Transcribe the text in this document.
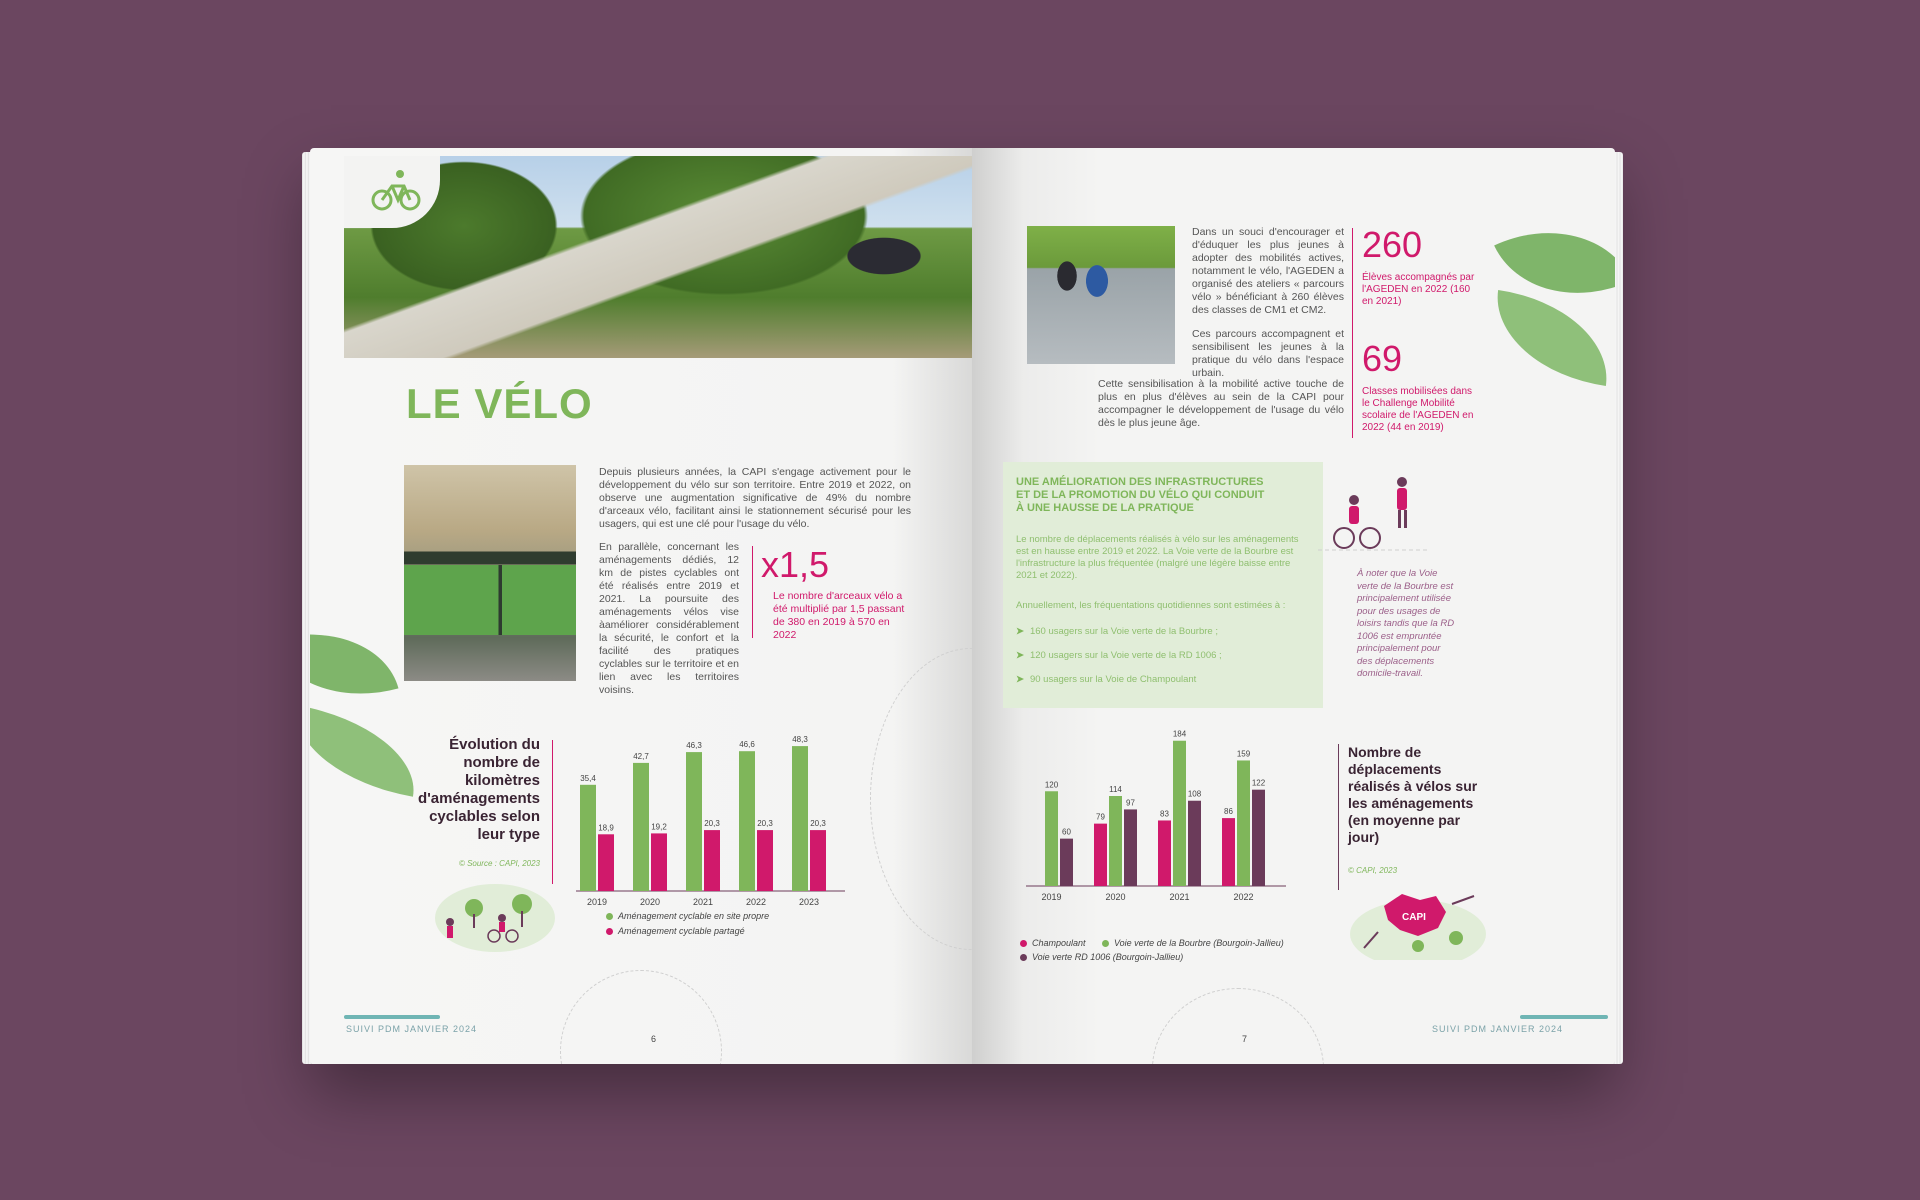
LE VÉLO
Depuis plusieurs années, la CAPI s'engage activement pour le développement du vélo sur son territoire. Entre 2019 et 2022, on observe une augmentation significative de 49% du nombre d'arceaux vélo, facilitant ainsi le stationnement sécurisé pour les usagers, qui est une clé pour l'usage du vélo.
En parallèle, concernant les aménagements dédiés, 12 km de pistes cyclables ont été réalisés entre 2019 et 2021. La poursuite des aménagements vélos vise àaméliorer considérablement la sécurité, le confort et la facilité des pratiques cyclables sur le territoire et en lien avec les territoires voisins.
x1,5
Le nombre d'arceaux vélo a été multiplié par 1,5 passant de 380 en 2019 à 570 en 2022
Évolution du nombre de kilomètres d'aménagements cyclables selon leur type
© Source : CAPI, 2023
35,4
18,9
2019
42,7
19,2
2020
46,3
20,3
2021
46,6
20,3
2022
48,3
20,3
2023
Aménagement cyclable en site propre
Aménagement cyclable partagé
SUIVI PDM JANVIER 2024
6
Dans un souci d'encourager et d'éduquer les plus jeunes à adopter des mobilités actives, notamment le vélo, l'AGEDEN a organisé des ateliers « parcours vélo » bénéficiant à 260 élèves des classes de CM1 et CM2.
Ces parcours accompagnent et sensibilisent les jeunes à la pratique du vélo dans l'espace urbain.
Cette sensibilisation à la mobilité active touche de plus en plus d'élèves au sein de la CAPI pour accompagner le développement de l'usage du vélo dès le plus jeune âge.
260
Élèves accompagnés par l'AGEDEN en 2022 (160 en 2021)
69
Classes mobilisées dans le Challenge Mobilité scolaire de l'AGEDEN en 2022 (44 en 2019)
UNE AMÉLIORATION DES INFRASTRUCTURES ET DE LA PROMOTION DU VÉLO QUI CONDUIT À UNE HAUSSE DE LA PRATIQUE
Le nombre de déplacements réalisés à vélo sur les aménagements est en hausse entre 2019 et 2022. La Voie verte de la Bourbre est l'infrastructure la plus fréquentée (malgré une légère baisse entre 2021 et 2022).
Annuellement, les fréquentations quotidiennes sont estimées à :
➤ 160 usagers sur la Voie verte de la Bourbre ;
➤ 120 usagers sur la Voie verte de la RD 1006 ;
➤ 90 usagers sur la Voie de Champoulant
À noter que la Voie verte de la Bourbre est principalement utilisée pour des usages de loisirs tandis que la RD 1006 est empruntée principalement pour des déplacements domicile-travail.
120
60
2019
79
114
97
2020
83
184
108
2021
86
159
122
2022
Champoulant	Voie verte de la Bourbre (Bourgoin-Jallieu)
Voie verte RD 1006 (Bourgoin-Jallieu)
Nombre de déplacements réalisés à vélos sur les aménagements (en moyenne par jour)
© CAPI, 2023
CAPI
SUIVI PDM JANVIER 2024
7
